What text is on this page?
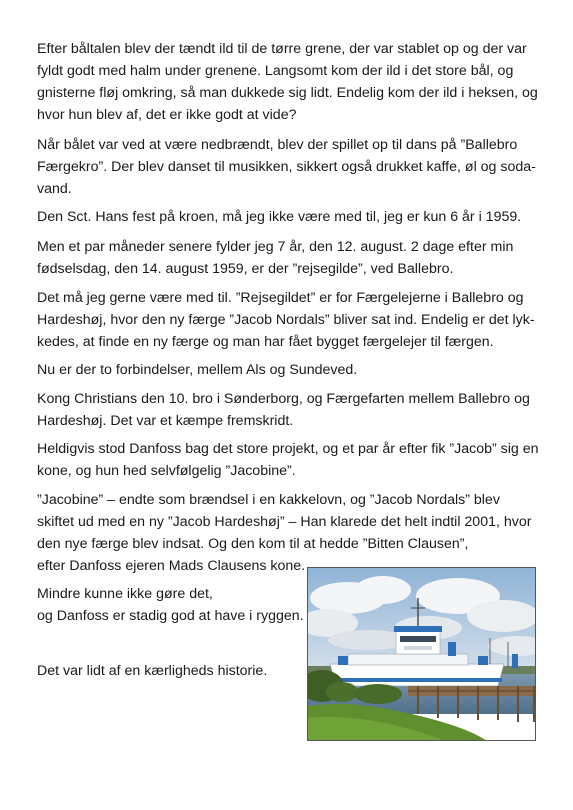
Efter båltalen blev der tændt ild til de tørre grene, der var stablet op og der var
fyldt godt med halm under grenene. Langsomt kom der ild i det store bål, og
gnisterne fløj omkring, så man dukkede sig lidt. Endelig kom der ild i heksen, og
hvor hun blev af, det er ikke godt at vide?
Når bålet var ved at være nedbrændt, blev der spillet op til dans på ”Ballebro
Færgekro”. Der blev danset til musikken, sikkert også drukket kaffe, øl og soda-
vand.
Den Sct. Hans fest på kroen, må jeg ikke være med til, jeg er kun 6 år i 1959.
Men et par måneder senere fylder jeg 7 år, den 12. august. 2 dage efter min
fødselsdag, den 14. august 1959, er der ”rejsegilde”, ved Ballebro.
Det må jeg gerne være med til. ”Rejsegildet” er for Færgelejerne i Ballebro og
Hardeshøj, hvor den ny færge ”Jacob Nordals” bliver sat ind. Endelig er det lyk-
kedes, at finde en ny færge og man har fået bygget færgelejer til færgen.
Nu er der to forbindelser, mellem Als og Sundeved.
Kong Christians den 10. bro i Sønderborg, og Færgefarten mellem Ballebro og
Hardeshøj. Det var et kæmpe fremskridt.
Heldigvis stod Danfoss bag det store projekt, og et par år efter fik ”Jacob” sig en
kone, og hun hed selvfølgelig ”Jacobine”.
”Jacobine” – endte som brændsel i en kakkelovn, og ”Jacob Nordals” blev
skiftet ud med en ny ”Jacob Hardeshøj” – Han klarede det helt indtil 2001, hvor
den nye færge blev indsat. Og den kom til at hedde ”Bitten Clausen”,
efter Danfoss ejeren Mads Clausens kone.
Mindre kunne ikke gøre det,
og Danfoss er stadig god at have i ryggen.
Det var lidt af en kærligheds historie.
